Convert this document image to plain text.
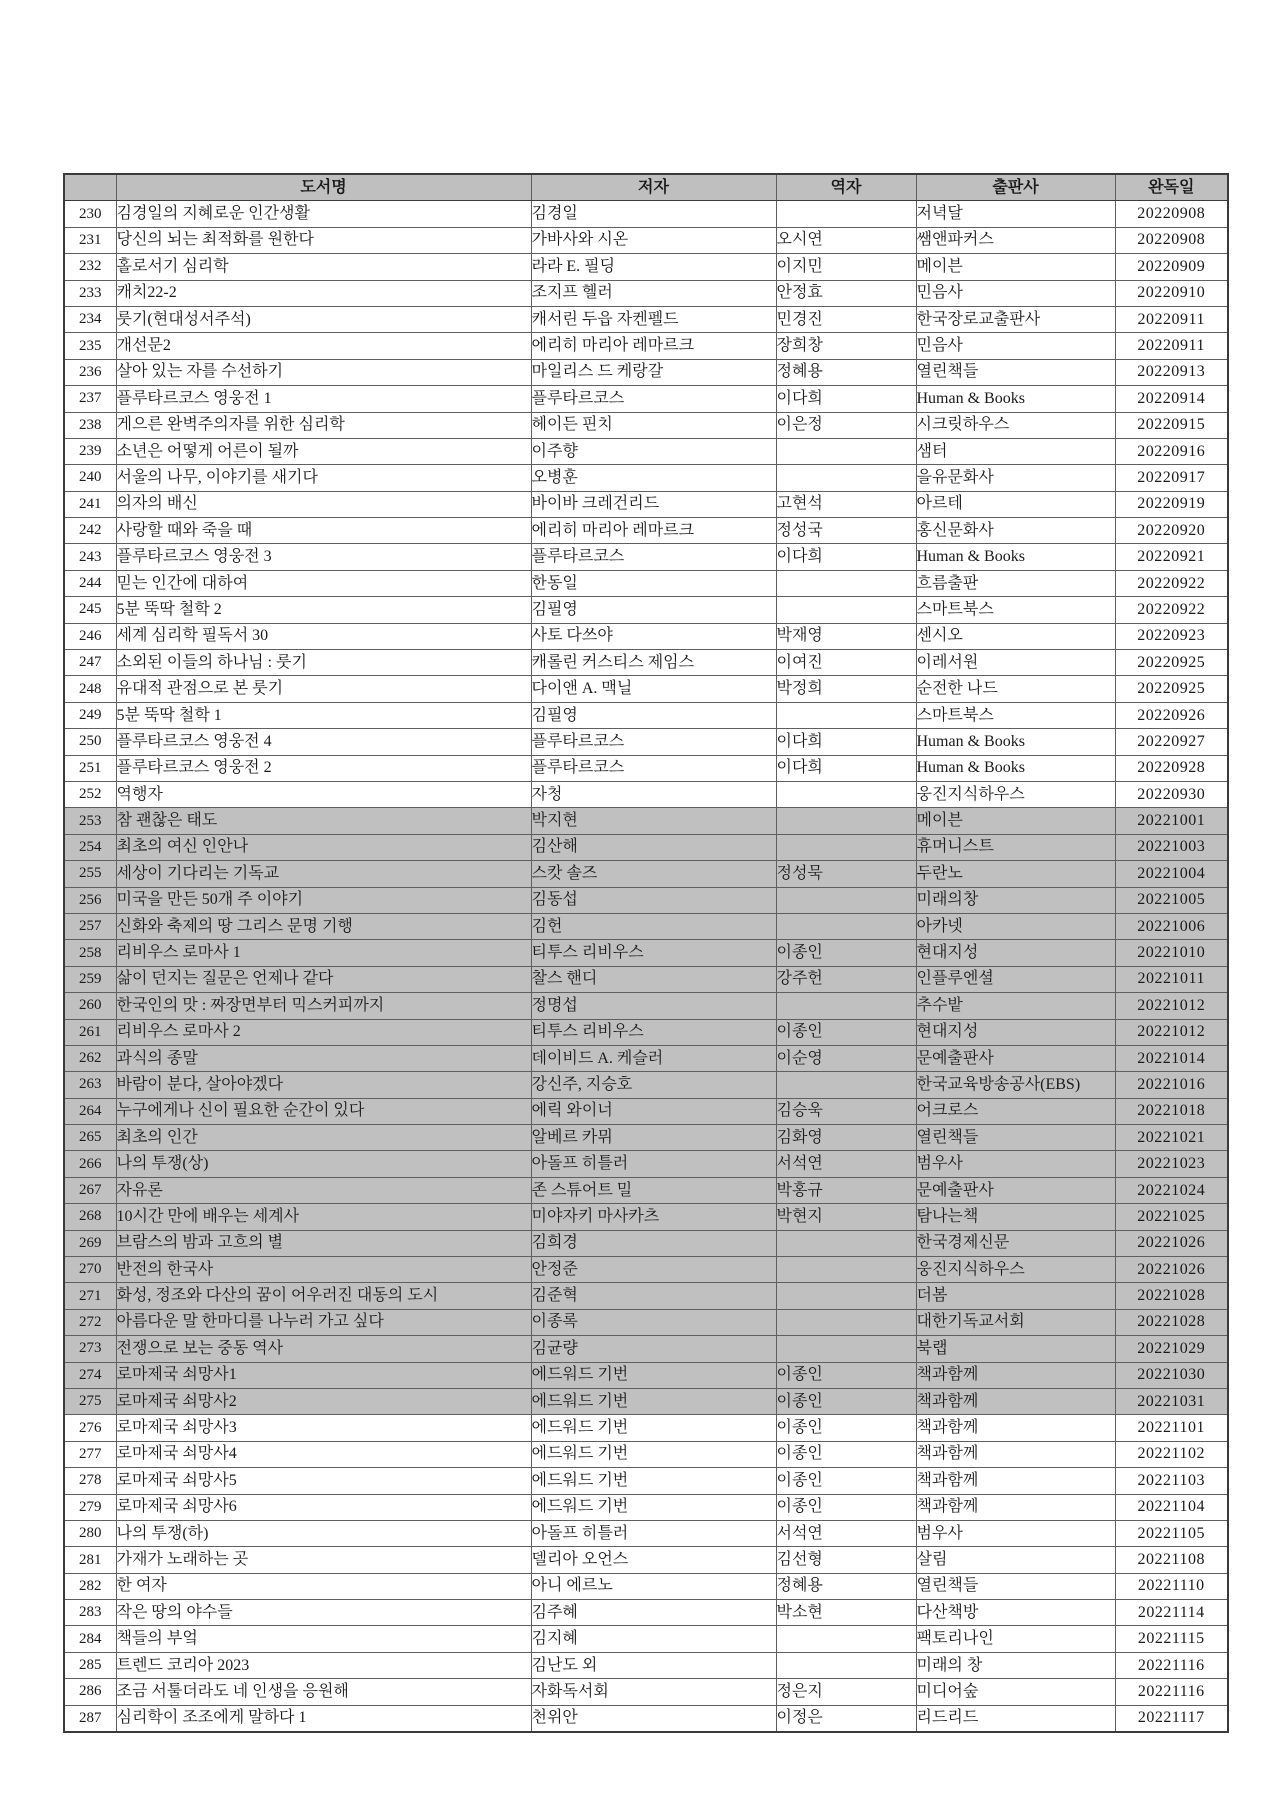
	도서명	저자	역자	출판사	완독일
230	김경일의 지혜로운 인간생활	김경일		저녁달	20220908
231	당신의 뇌는 최적화를 원한다	가바사와 시온	오시연	쌤앤파커스	20220908
232	홀로서기 심리학	라라 E. 필딩	이지민	메이븐	20220909
233	캐치22-2	조지프 헬러	안정효	민음사	20220910
234	룻기(현대성서주석)	캐서린 두읍 자켄펠드	민경진	한국장로교출판사	20220911
235	개선문2	에리히 마리아 레마르크	장희창	민음사	20220911
236	살아 있는 자를 수선하기	마일리스 드 케랑갈	정혜용	열린책들	20220913
237	플루타르코스 영웅전 1	플루타르코스	이다희	Human & Books	20220914
238	게으른 완벽주의자를 위한 심리학	헤이든 핀치	이은정	시크릿하우스	20220915
239	소년은 어떻게 어른이 될까	이주향		샘터	20220916
240	서울의 나무, 이야기를 새기다	오병훈		을유문화사	20220917
241	의자의 배신	바이바 크레건리드	고현석	아르테	20220919
242	사랑할 때와 죽을 때	에리히 마리아 레마르크	정성국	홍신문화사	20220920
243	플루타르코스 영웅전 3	플루타르코스	이다희	Human & Books	20220921
244	믿는 인간에 대하여	한동일		흐름출판	20220922
245	5분 뚝딱 철학 2	김필영		스마트북스	20220922
246	세계 심리학 필독서 30	사토 다쓰야	박재영	센시오	20220923
247	소외된 이들의 하나님 : 룻기	캐롤린 커스티스 제임스	이여진	이레서원	20220925
248	유대적 관점으로 본 룻기	다이앤 A. 맥닐	박정희	순전한 나드	20220925
249	5분 뚝딱 철학 1	김필영		스마트북스	20220926
250	플루타르코스 영웅전 4	플루타르코스	이다희	Human & Books	20220927
251	플루타르코스 영웅전 2	플루타르코스	이다희	Human & Books	20220928
252	역행자	자청		웅진지식하우스	20220930
253	참 괜찮은 태도	박지현		메이븐	20221001
254	최초의 여신 인안나	김산해		휴머니스트	20221003
255	세상이 기다리는 기독교	스캇 솔즈	정성묵	두란노	20221004
256	미국을 만든 50개 주 이야기	김동섭		미래의창	20221005
257	신화와 축제의 땅 그리스 문명 기행	김헌		아카넷	20221006
258	리비우스 로마사 1	티투스 리비우스	이종인	현대지성	20221010
259	삶이 던지는 질문은 언제나 같다	찰스 핸디	강주헌	인플루엔셜	20221011
260	한국인의 맛 : 짜장면부터 믹스커피까지	정명섭		추수밭	20221012
261	리비우스 로마사 2	티투스 리비우스	이종인	현대지성	20221012
262	과식의 종말	데이비드 A. 케슬러	이순영	문예출판사	20221014
263	바람이 분다, 살아야겠다	강신주, 지승호		한국교육방송공사(EBS)	20221016
264	누구에게나 신이 필요한 순간이 있다	에릭 와이너	김승욱	어크로스	20221018
265	최초의 인간	알베르 카뮈	김화영	열린책들	20221021
266	나의 투쟁(상)	아돌프 히틀러	서석연	범우사	20221023
267	자유론	존 스튜어트 밀	박홍규	문예출판사	20221024
268	10시간 만에 배우는 세계사	미야자키 마사카츠	박현지	탐나는책	20221025
269	브람스의 밤과 고흐의 별	김희경		한국경제신문	20221026
270	반전의 한국사	안정준		웅진지식하우스	20221026
271	화성, 정조와 다산의 꿈이 어우러진 대동의 도시	김준혁		더봄	20221028
272	아름다운 말 한마디를 나누러 가고 싶다	이종록		대한기독교서회	20221028
273	전쟁으로 보는 중동 역사	김균량		북랩	20221029
274	로마제국 쇠망사1	에드워드 기번	이종인	책과함께	20221030
275	로마제국 쇠망사2	에드워드 기번	이종인	책과함께	20221031
276	로마제국 쇠망사3	에드워드 기번	이종인	책과함께	20221101
277	로마제국 쇠망사4	에드워드 기번	이종인	책과함께	20221102
278	로마제국 쇠망사5	에드워드 기번	이종인	책과함께	20221103
279	로마제국 쇠망사6	에드워드 기번	이종인	책과함께	20221104
280	나의 투쟁(하)	아돌프 히틀러	서석연	범우사	20221105
281	가재가 노래하는 곳	델리아 오언스	김선형	살림	20221108
282	한 여자	아니 에르노	정혜용	열린책들	20221110
283	작은 땅의 야수들	김주혜	박소현	다산책방	20221114
284	책들의 부엌	김지혜		팩토리나인	20221115
285	트렌드 코리아 2023	김난도 외		미래의 창	20221116
286	조금 서툴더라도 네 인생을 응원해	자화독서회	정은지	미디어숲	20221116
287	심리학이 조조에게 말하다 1	천위안	이정은	리드리드	20221117
